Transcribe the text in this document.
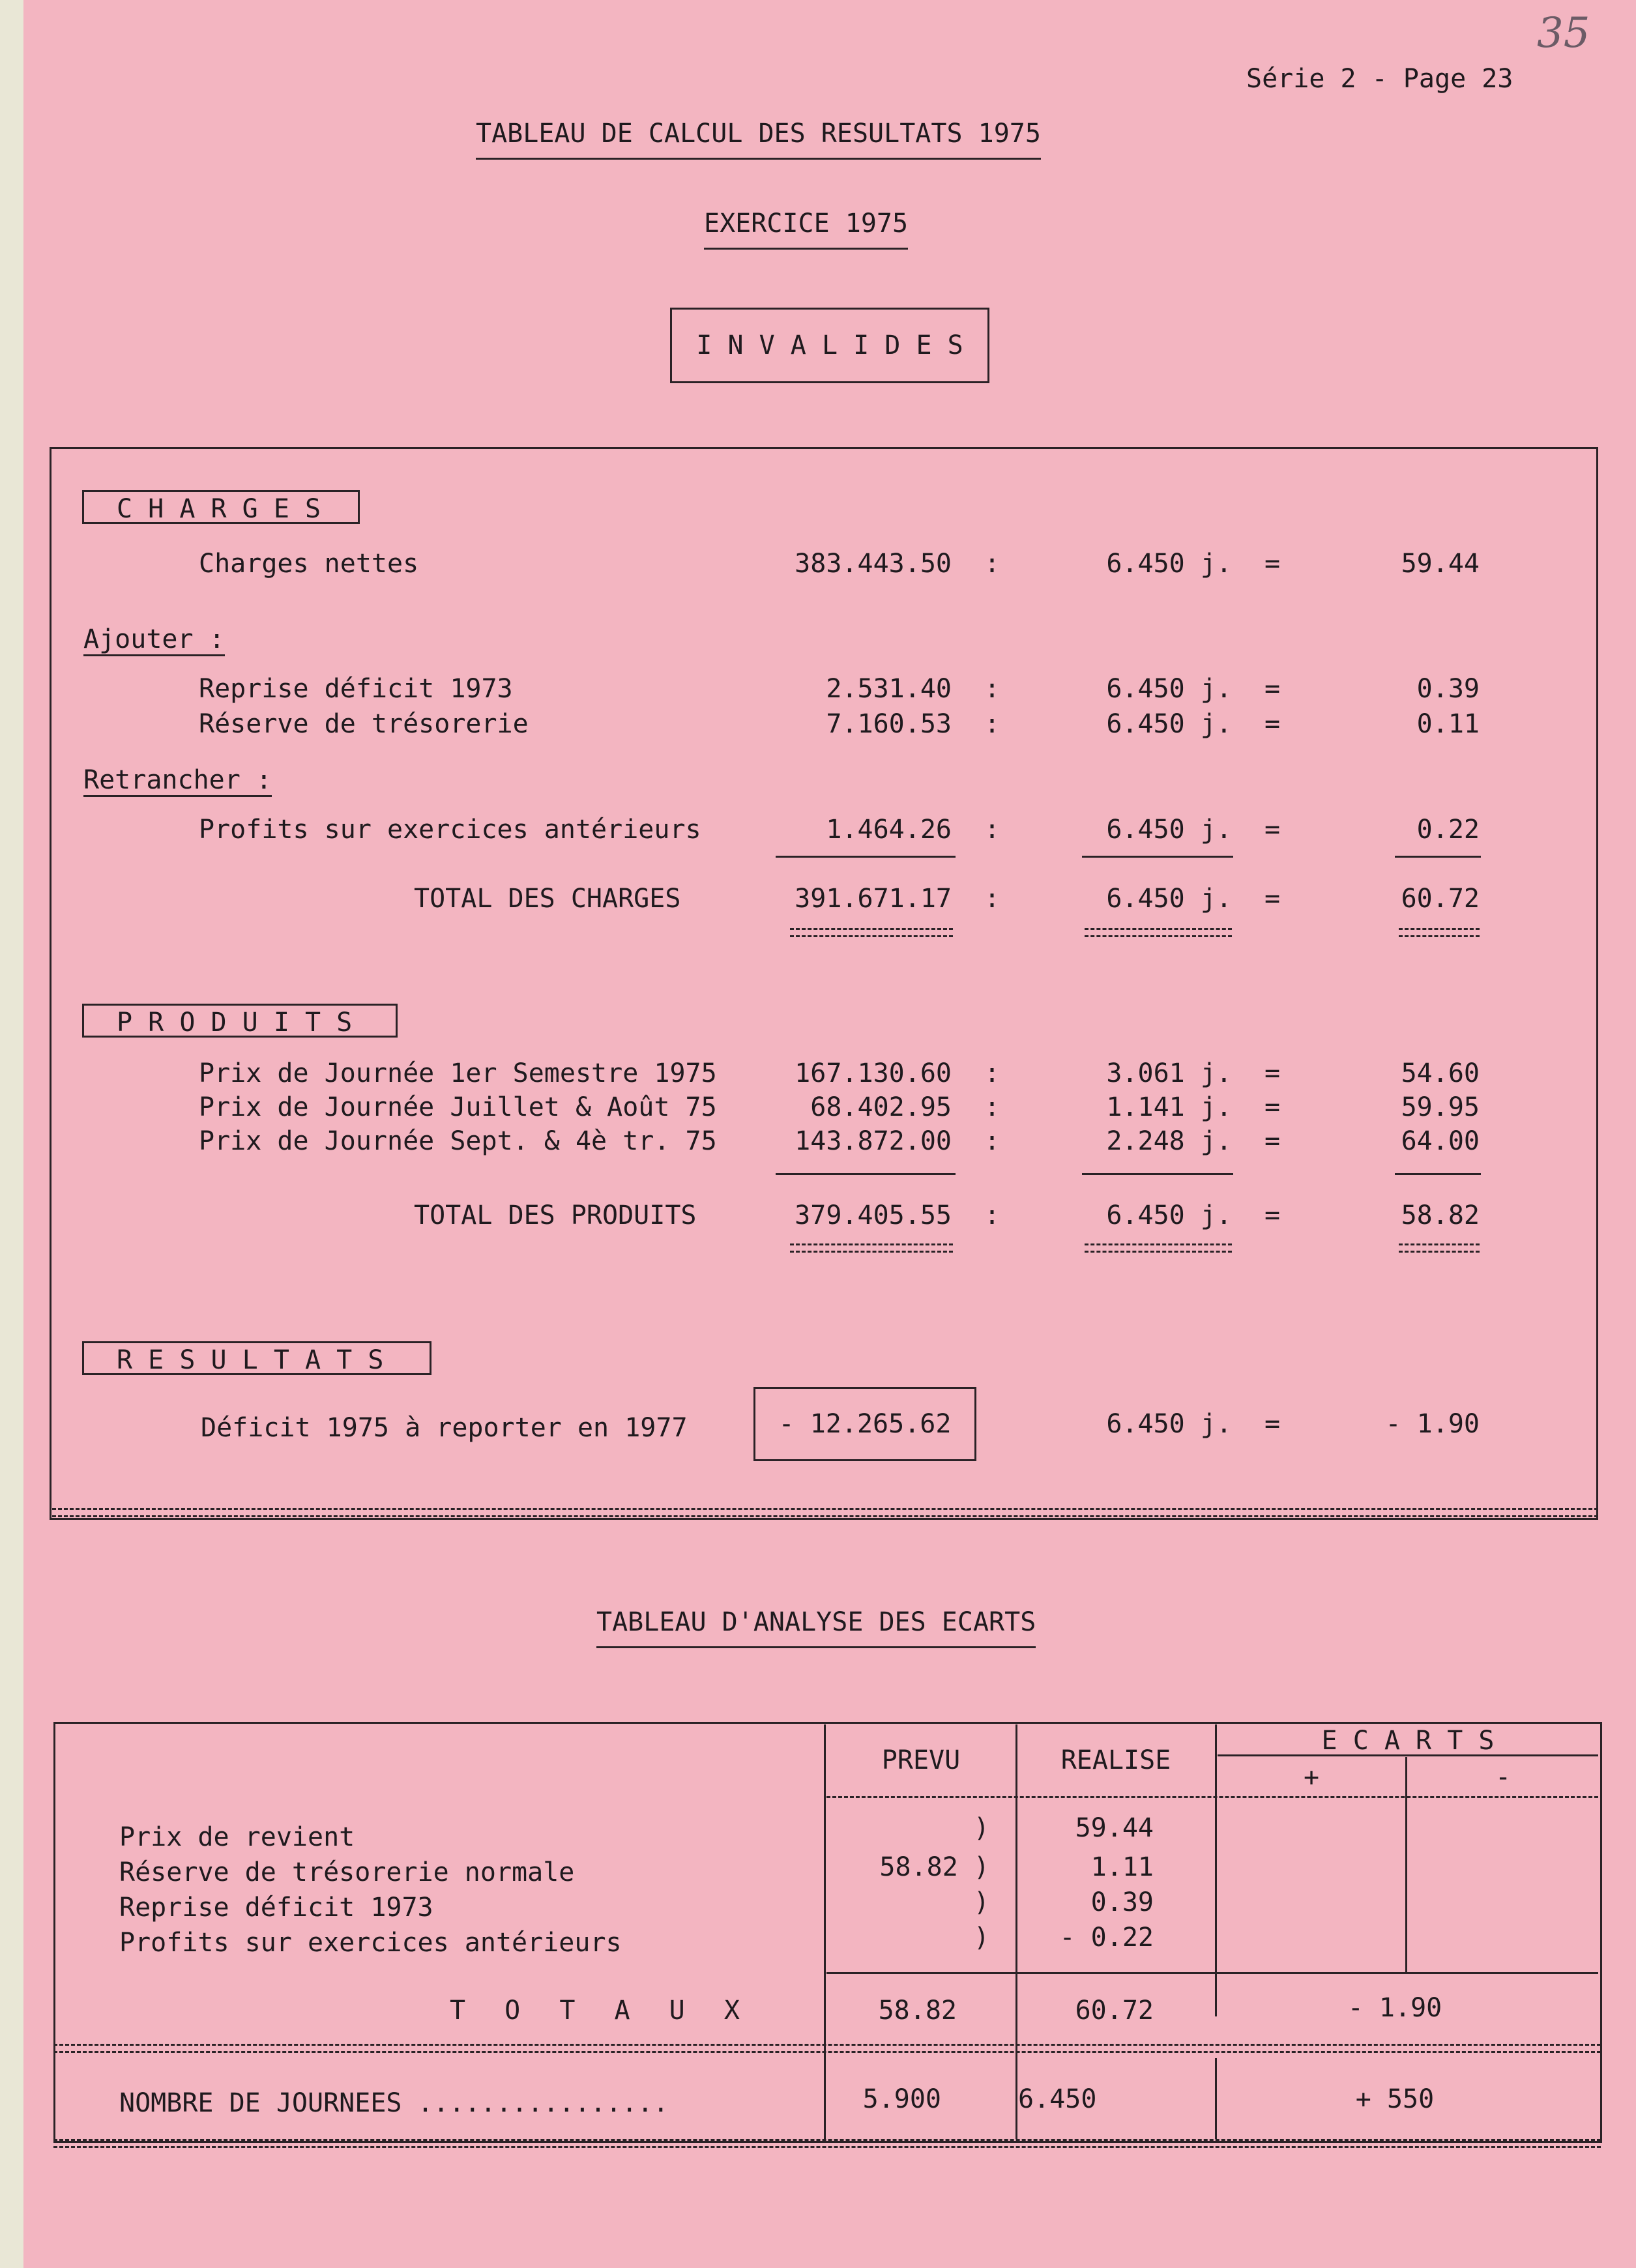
35
Série 2 - Page 23
TABLEAU DE CALCUL DES RESULTATS 1975
EXERCICE 1975
I N V A L I D E S
C H A R G E S
Charges nettes	383.443.50 :	6.450 j. =	59.44
Ajouter :
Reprise déficit 1973	2.531.40 :	6.450 j. =	0.39
Réserve de trésorerie	7.160.53 :	6.450 j. =	0.11
Retrancher :
Profits sur exercices antérieurs	1.464.26 :	6.450 j. =	0.22
TOTAL DES CHARGES	391.671.17 :	6.450 j. =	60.72
P R O D U I T S
Prix de Journée 1er Semestre 1975	167.130.60 :	3.061 j. =	54.60
Prix de Journée Juillet & Août 75	68.402.95 :	1.141 j. =	59.95
Prix de Journée Sept. & 4è tr. 75	143.872.00 :	2.248 j. =	64.00
TOTAL DES PRODUITS	379.405.55 :	6.450 j. =	58.82
R E S U L T A T S
Déficit 1975 à reporter en 1977	- 12.265.62	6.450 j. =	- 1.90
TABLEAU D'ANALYSE DES ECARTS
PREVU	REALISE
E C A R T S
+	-
Prix de revient	)	59.44
Réserve de trésorerie normale	58.82 )	1.11
Reprise déficit 1973	)	0.39
Profits sur exercices antérieurs	)	- 0.22
T O T A U X	58.82	60.72	- 1.90
NOMBRE DE JOURNEES ................	5.900	6.450	+ 550
